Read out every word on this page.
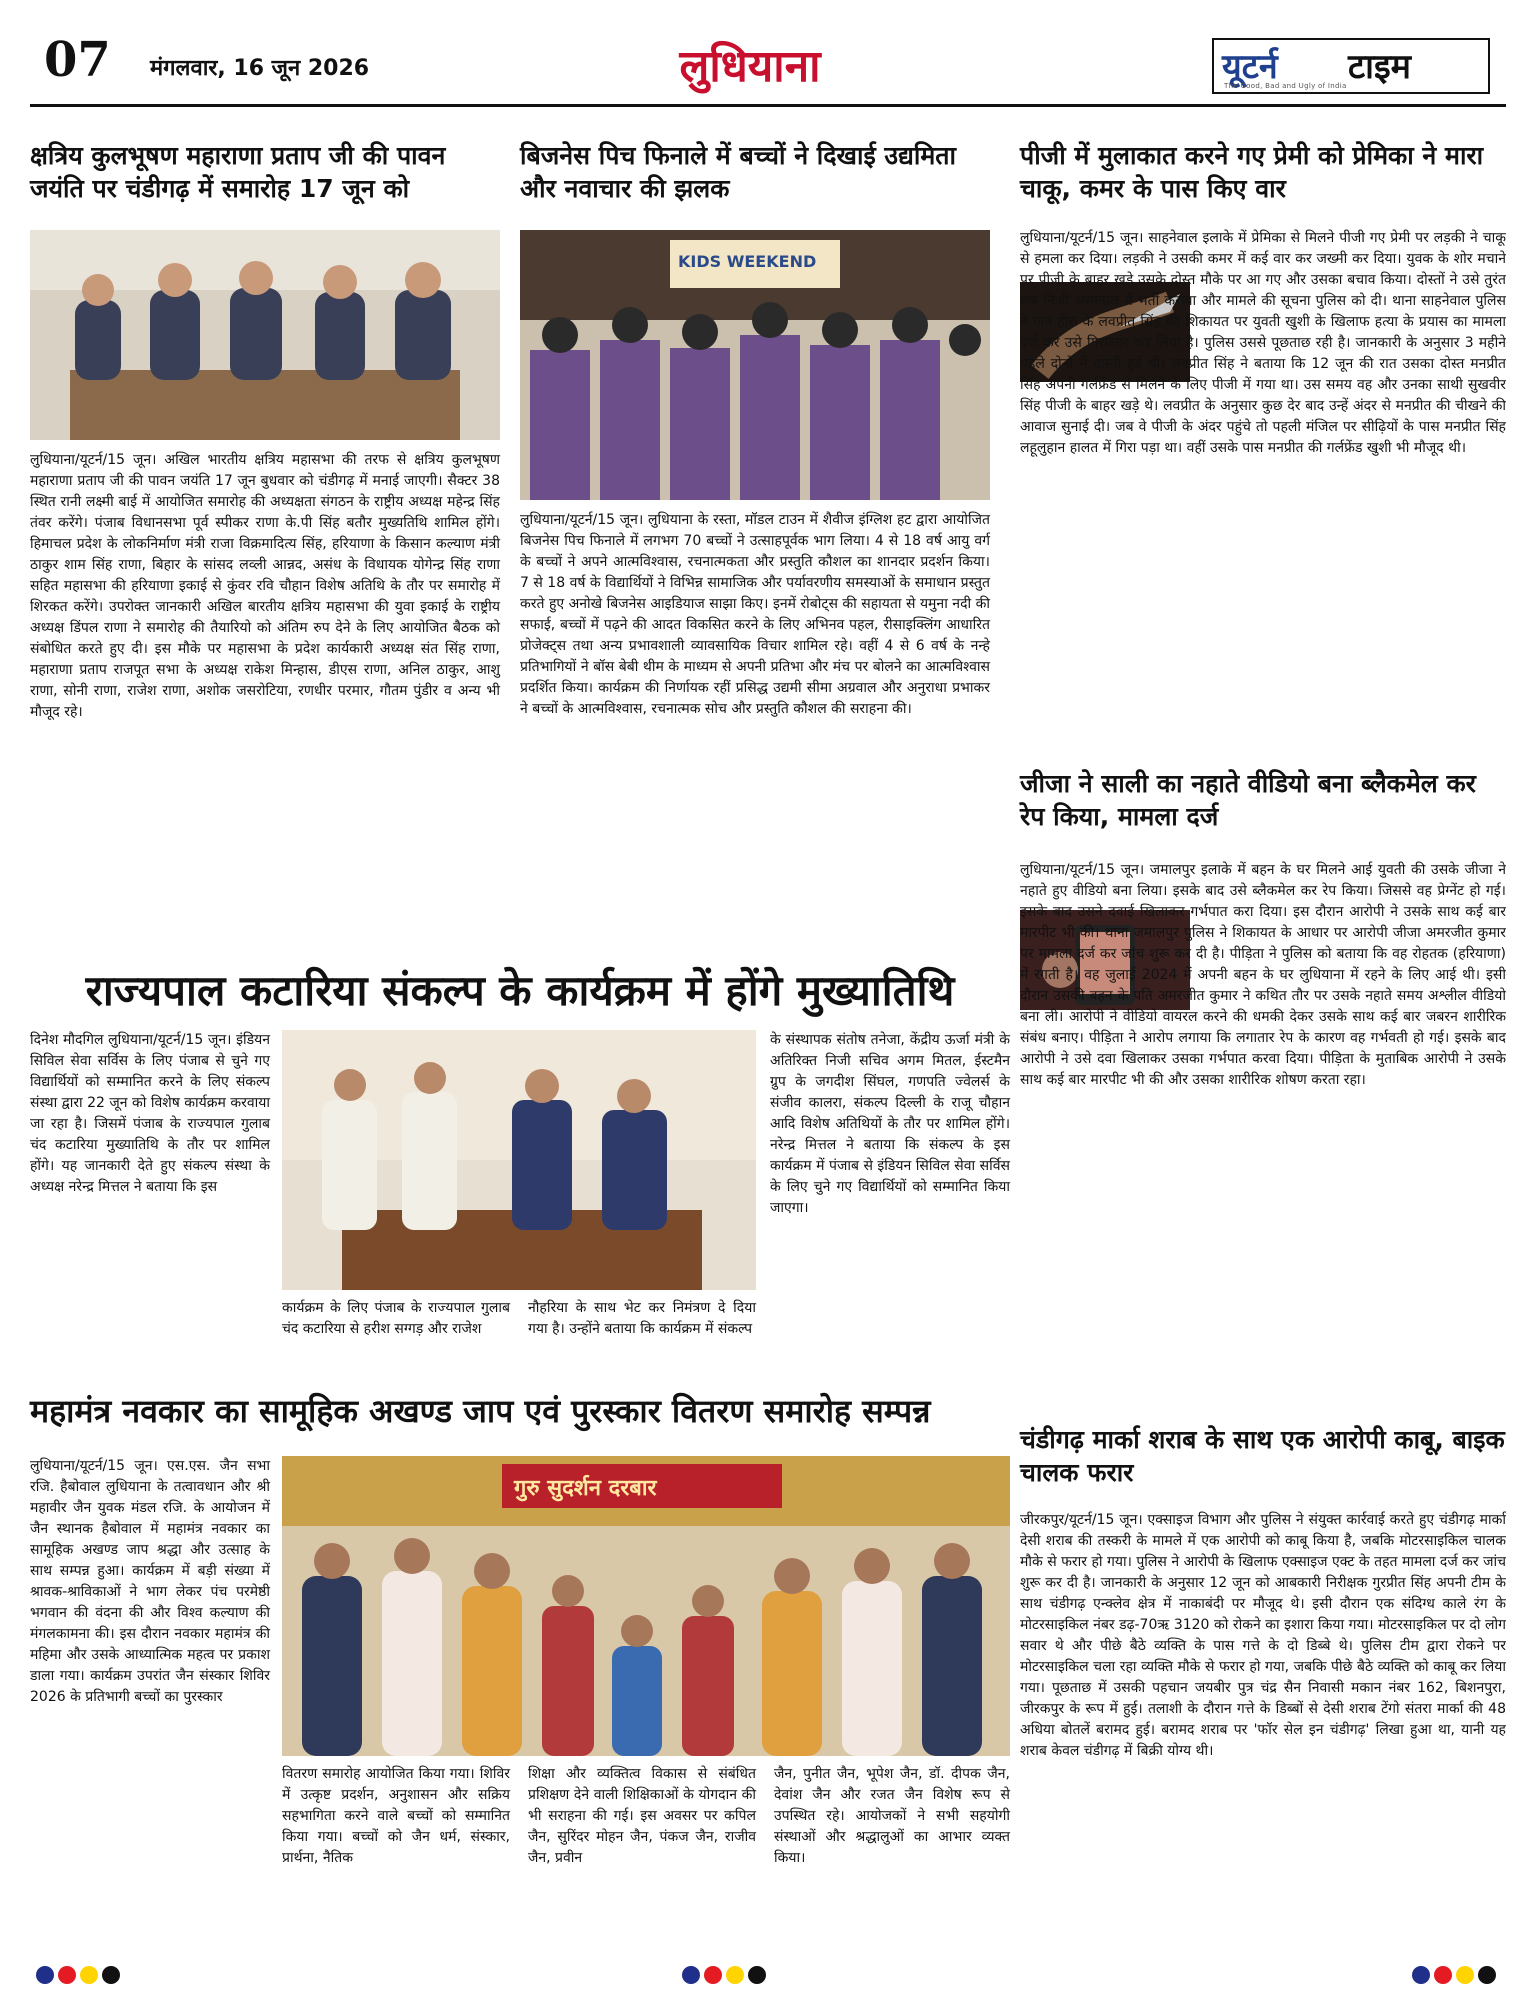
07 मंगलवार, 16 जून 2026	लुधियाना	यूटर्न टाइम
The Good, Bad and Ugly of India
क्षत्रिय कुलभूषण महाराणा प्रताप जी की पावन जयंति पर चंडीगढ़ में समारोह 17 जून को
लुधियाना/यूटर्न/15 जून। अखिल भारतीय क्षत्रिय महासभा की तरफ से क्षत्रिय कुलभूषण महाराणा प्रताप जी की पावन जयंति 17 जून बुधवार को चंडीगढ़ में मनाई जाएगी। सैक्टर 38 स्थित रानी लक्ष्मी बाई में आयोजित समारोह की अध्यक्षता संगठन के राष्ट्रीय अध्यक्ष महेन्द्र सिंह तंवर करेंगे। पंजाब विधानसभा पूर्व स्पीकर राणा के.पी सिंह बतौर मुख्यतिथि शामिल होंगे। हिमाचल प्रदेश के लोकनिर्माण मंत्री राजा विक्रमादित्य सिंह, हरियाणा के किसान कल्याण मंत्री ठाकुर शाम सिंह राणा, बिहार के सांसद लव्ली आन्नद, असंध के विधायक योगेन्द्र सिंह राणा सहित महासभा की हरियाणा इकाई से कुंवर रवि चौहान विशेष अतिथि के तौर पर समारोह में शिरकत करेंगे। उपरोक्त जानकारी अखिल बारतीय क्षत्रिय महासभा की युवा इकाई के राष्ट्रीय अध्यक्ष डिंपल राणा ने समारोह की तैयारियो को अंतिम रुप देने के लिए आयोजित बैठक को संबोधित करते हुए दी। इस मौके पर महासभा के प्रदेश कार्यकारी अध्यक्ष संत सिंह राणा, महाराणा प्रताप राजपूत सभा के अध्यक्ष राकेश मिन्हास, डीएस राणा, अनिल ठाकुर, आशु राणा, सोनी राणा, राजेश राणा, अशोक जसरोटिया, रणधीर परमार, गौतम पुंडीर व अन्य भी मौजूद रहे।
बिजनेस पिच फिनाले में बच्चों ने दिखाई उद्यमिता और नवाचार की झलक
KIDS WEEKEND
लुधियाना/यूटर्न/15 जून। लुधियाना के रस्ता, मॉडल टाउन में शैवीज इंग्लिश हट द्वारा आयोजित बिजनेस पिच फिनाले में लगभग 70 बच्चों ने उत्साहपूर्वक भाग लिया। 4 से 18 वर्ष आयु वर्ग के बच्चों ने अपने आत्मविश्वास, रचनात्मकता और प्रस्तुति कौशल का शानदार प्रदर्शन किया। 7 से 18 वर्ष के विद्यार्थियों ने विभिन्न सामाजिक और पर्यावरणीय समस्याओं के समाधान प्रस्तुत करते हुए अनोखे बिजनेस आइडियाज साझा किए। इनमें रोबोट्स की सहायता से यमुना नदी की सफाई, बच्चों में पढ़ने की आदत विकसित करने के लिए अभिनव पहल, रीसाइक्लिंग आधारित प्रोजेक्ट्स तथा अन्य प्रभावशाली व्यावसायिक विचार शामिल रहे। वहीं 4 से 6 वर्ष के नन्हे प्रतिभागियों ने बॉस बेबी थीम के माध्यम से अपनी प्रतिभा और मंच पर बोलने का आत्मविश्वास प्रदर्शित किया। कार्यक्रम की निर्णायक रहीं प्रसिद्ध उद्यमी सीमा अग्रवाल और अनुराधा प्रभाकर ने बच्चों के आत्मविश्वास, रचनात्मक सोच और प्रस्तुति कौशल की सराहना की।
पीजी में मुलाकात करने गए प्रेमी को प्रेमिका ने मारा चाकू, कमर के पास किए वार
लुधियाना/यूटर्न/15 जून। साहनेवाल इलाके में प्रेमिका से मिलने पीजी गए प्रेमी पर लड़की ने चाकू से हमला कर दिया। लड़की ने उसकी कमर में कई वार कर जख्मी कर दिया। युवक के शोर मचाने पर पीजी के बाहर खड़े उसके दोस्त मौके पर आ गए और उसका बचाव किया। दोस्तों ने उसे तुरंत एक निजी अस्पताल में भर्ती कराया और मामले की सूचना पुलिस को दी। थाना साहनेवाल पुलिस ने गांव हीरा के लवप्रीत सिंह की शिकायत पर युवती खुशी के खिलाफ हत्या के प्रयास का मामला दर्ज कर उसे गिरफ्तार कर लिया है। पुलिस उससे पूछताछ रही है। जानकारी के अनुसार 3 महीने पहले दोनों में दोस्ती हुई थी। लवप्रीत सिंह ने बताया कि 12 जून की रात उसका दोस्त मनप्रीत सिंह अपनी गर्लफ्रेंड से मिलने के लिए पीजी में गया था। उस समय वह और उनका साथी सुखवीर सिंह पीजी के बाहर खड़े थे। लवप्रीत के अनुसार कुछ देर बाद उन्हें अंदर से मनप्रीत की चीखने की आवाज सुनाई दी। जब वे पीजी के अंदर पहुंचे तो पहली मंजिल पर सीढ़ियों के पास मनप्रीत सिंह लहूलुहान हालत में गिरा पड़ा था। वहीं उसके पास मनप्रीत की गर्लफ्रेंड खुशी भी मौजूद थी।
जीजा ने साली का नहाते वीडियो बना ब्लैकमेल कर रेप किया, मामला दर्ज
लुधियाना/यूटर्न/15 जून। जमालपुर इलाके में बहन के घर मिलने आई युवती की उसके जीजा ने नहाते हुए वीडियो बना लिया। इसके बाद उसे ब्लैकमेल कर रेप किया। जिससे वह प्रेग्नेंट हो गई। इसके बाद उसने दवाई खिलाकर गर्भपात करा दिया। इस दौरान आरोपी ने उसके साथ कई बार मारपीट भी की। थाना जमालपुर पुलिस ने शिकायत के आधार पर आरोपी जीजा अमरजीत कुमार पर मामला दर्ज कर जांच शुरू कर दी है। पीड़िता ने पुलिस को बताया कि वह रोहतक (हरियाणा) में रगती है। वह जुलाई 2024 में अपनी बहन के घर लुधियाना में रहने के लिए आई थी। इसी दौरान उसकी बहन के पति अमरजीत कुमार ने कथित तौर पर उसके नहाते समय अश्लील वीडियो बना ली। आरोपी ने वीडियो वायरल करने की धमकी देकर उसके साथ कई बार जबरन शारीरिक संबंध बनाए। पीड़िता ने आरोप लगाया कि लगातार रेप के कारण वह गर्भवती हो गई। इसके बाद आरोपी ने उसे दवा खिलाकर उसका गर्भपात करवा दिया। पीड़िता के मुताबिक आरोपी ने उसके साथ कई बार मारपीट भी की और उसका शारीरिक शोषण करता रहा।
राज्यपाल कटारिया संकल्प के कार्यक्रम में होंगे मुख्यातिथि
दिनेश मौदगिल लुधियाना/यूटर्न/15 जून। इंडियन सिविल सेवा सर्विस के लिए पंजाब से चुने गए विद्यार्थियों को सम्मानित करने के लिए संकल्प संस्था द्वारा 22 जून को विशेष कार्यक्रम करवाया जा रहा है। जिसमें पंजाब के राज्यपाल गुलाब चंद कटारिया मुख्यातिथि के तौर पर शामिल होंगे। यह जानकारी देते हुए संकल्प संस्था के अध्यक्ष नरेन्द्र मित्तल ने बताया कि इस
कार्यक्रम के लिए पंजाब के राज्यपाल गुलाब चंद कटारिया से हरीश सग्गड़ और राजेश
नौहरिया के साथ भेट कर निमंत्रण दे दिया गया है। उन्होंने बताया कि कार्यक्रम में संकल्प
के संस्थापक संतोष तनेजा, केंद्रीय ऊर्जा मंत्री के अतिरिक्त निजी सचिव अगम मितल, ईस्टमैन ग्रुप के जगदीश सिंघल, गणपति ज्वेलर्स के संजीव कालरा, संकल्प दिल्ली के राजू चौहान आदि विशेष अतिथियों के तौर पर शामिल होंगे। नरेन्द्र मित्तल ने बताया कि संकल्प के इस कार्यक्रम में पंजाब से इंडियन सिविल सेवा सर्विस के लिए चुने गए विद्यार्थियों को सम्मानित किया जाएगा।
महामंत्र नवकार का सामूहिक अखण्ड जाप एवं पुरस्कार वितरण समारोह सम्पन्न
लुधियाना/यूटर्न/15 जून। एस.एस. जैन सभा रजि. हैबोवाल लुधियाना के तत्वावधान और श्री महावीर जैन युवक मंडल रजि. के आयोजन में जैन स्थानक हैबोवाल में महामंत्र नवकार का सामूहिक अखण्ड जाप श्रद्धा और उत्साह के साथ सम्पन्न हुआ। कार्यक्रम में बड़ी संख्या में श्रावक-श्राविकाओं ने भाग लेकर पंच परमेष्ठी भगवान की वंदना की और विश्व कल्याण की मंगलकामना की। इस दौरान नवकार महामंत्र की महिमा और उसके आध्यात्मिक महत्व पर प्रकाश डाला गया। कार्यक्रम उपरांत जैन संस्कार शिविर 2026 के प्रतिभागी बच्चों का पुरस्कार
गुरु सुदर्शन दरबार
वितरण समारोह आयोजित किया गया। शिविर में उत्कृष्ट प्रदर्शन, अनुशासन और सक्रिय सहभागिता करने वाले बच्चों को सम्मानित किया गया। बच्चों को जैन धर्म, संस्कार, प्रार्थना, नैतिक
शिक्षा और व्यक्तित्व विकास से संबंधित प्रशिक्षण देने वाली शिक्षिकाओं के योगदान की भी सराहना की गई। इस अवसर पर कपिल जैन, सुरिंदर मोहन जैन, पंकज जैन, राजीव जैन, प्रवीन
जैन, पुनीत जैन, भूपेश जैन, डॉ. दीपक जैन, देवांश जैन और रजत जैन विशेष रूप से उपस्थित रहे। आयोजकों ने सभी सहयोगी संस्थाओं और श्रद्धालुओं का आभार व्यक्त किया।
चंडीगढ़ मार्का शराब के साथ एक आरोपी काबू, बाइक चालक फरार
जीरकपुर/यूटर्न/15 जून। एक्साइज विभाग और पुलिस ने संयुक्त कार्रवाई करते हुए चंडीगढ़ मार्का देसी शराब की तस्करी के मामले में एक आरोपी को काबू किया है, जबकि मोटरसाइकिल चालक मौके से फरार हो गया। पुलिस ने आरोपी के खिलाफ एक्साइज एक्ट के तहत मामला दर्ज कर जांच शुरू कर दी है। जानकारी के अनुसार 12 जून को आबकारी निरीक्षक गुरप्रीत सिंह अपनी टीम के साथ चंडीगढ़ एन्क्लेव क्षेत्र में नाकाबंदी पर मौजूद थे। इसी दौरान एक संदिग्ध काले रंग के मोटरसाइकिल नंबर डढ़-70ऋ 3120 को रोकने का इशारा किया गया। मोटरसाइकिल पर दो लोग सवार थे और पीछे बैठे व्यक्ति के पास गत्ते के दो डिब्बे थे। पुलिस टीम द्वारा रोकने पर मोटरसाइकिल चला रहा व्यक्ति मौके से फरार हो गया, जबकि पीछे बैठे व्यक्ति को काबू कर लिया गया। पूछताछ में उसकी पहचान जयबीर पुत्र चंद्र सैन निवासी मकान नंबर 162, बिशनपुरा, जीरकपुर के रूप में हुई। तलाशी के दौरान गत्ते के डिब्बों से देसी शराब टेंगो संतरा मार्का की 48 अधिया बोतलें बरामद हुई। बरामद शराब पर 'फॉर सेल इन चंडीगढ़' लिखा हुआ था, यानी यह शराब केवल चंडीगढ़ में बिक्री योग्य थी।
